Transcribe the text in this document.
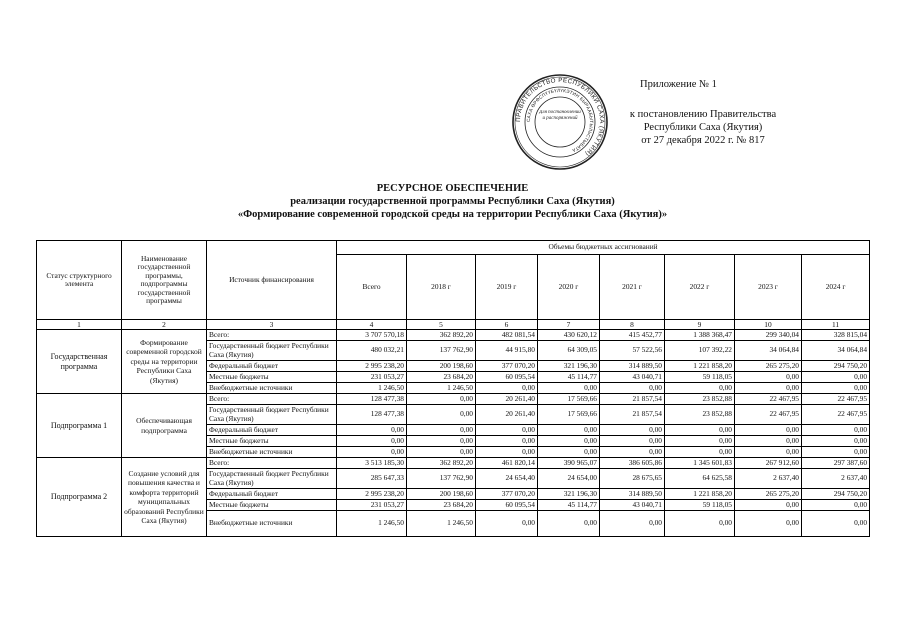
Приложение № 1
к постановлению Правительства
Республики Саха (Якутия)
от 27 декабря 2022 г. № 817
ПРАВИТЕЛЬСТВО РЕСПУБЛИКИ САХА (ЯКУТИЯ)
САХА ӨРӨСПҮҮБҮЛҮКЭТИН БЫРААБЫТЫЛЬСТЫБАТА
Для постановлений и распоряжений
РЕСУРСНОЕ ОБЕСПЕЧЕНИЕ
реализации государственной программы Республики Саха (Якутия)
«Формирование современной городской среды на территории Республики Саха (Якутия)»
Статус структурного элемента	Наименование государственной программы, подпрограммы государственной программы	Источник финансирования	Объемы бюджетных ассигнований							
			Всего	2018 г	2019 г	2020 г	2021 г	2022 г	2023 г	2024 г
1	2	3	4	5	6	7	8	9	10	11
Государственная программа	Формирование современной городской среды на территории Республики Саха (Якутия)	Всего:	3 707 570,18	362 892,20	482 081,54	430 620,12	415 452,77	1 388 368,47	299 340,04	328 815,04
		Государственный бюджет Республики Саха (Якутия)	480 032,21	137 762,90	44 915,80	64 309,05	57 522,56	107 392,22	34 064,84	34 064,84
		Федеральный бюджет	2 995 238,20	200 198,60	377 070,20	321 196,30	314 889,50	1 221 858,20	265 275,20	294 750,20
		Местные бюджеты	231 053,27	23 684,20	60 095,54	45 114,77	43 040,71	59 118,05	0,00	0,00
		Внебюджетные источники	1 246,50	1 246,50	0,00	0,00	0,00	0,00	0,00	0,00
Подпрограмма 1	Обеспечивающая подпрограмма	Всего:	128 477,38	0,00	20 261,40	17 569,66	21 857,54	23 852,88	22 467,95	22 467,95
		Государственный бюджет Республики Саха (Якутия)	128 477,38	0,00	20 261,40	17 569,66	21 857,54	23 852,88	22 467,95	22 467,95
		Федеральный бюджет	0,00	0,00	0,00	0,00	0,00	0,00	0,00	0,00
		Местные бюджеты	0,00	0,00	0,00	0,00	0,00	0,00	0,00	0,00
		Внебюджетные источники	0,00	0,00	0,00	0,00	0,00	0,00	0,00	0,00
Подпрограмма 2	Создание условий для повышения качества и комфорта территорий муниципальных образований Республики Саха (Якутия)	Всего:	3 513 185,30	362 892,20	461 820,14	390 965,07	386 605,86	1 345 601,83	267 912,60	297 387,60
		Государственный бюджет Республики Саха (Якутия)	285 647,33	137 762,90	24 654,40	24 654,00	28 675,65	64 625,58	2 637,40	2 637,40
		Федеральный бюджет	2 995 238,20	200 198,60	377 070,20	321 196,30	314 889,50	1 221 858,20	265 275,20	294 750,20
		Местные бюджеты	231 053,27	23 684,20	60 095,54	45 114,77	43 040,71	59 118,05	0,00	0,00
		Внебюджетные источники	1 246,50	1 246,50	0,00	0,00	0,00	0,00	0,00	0,00
